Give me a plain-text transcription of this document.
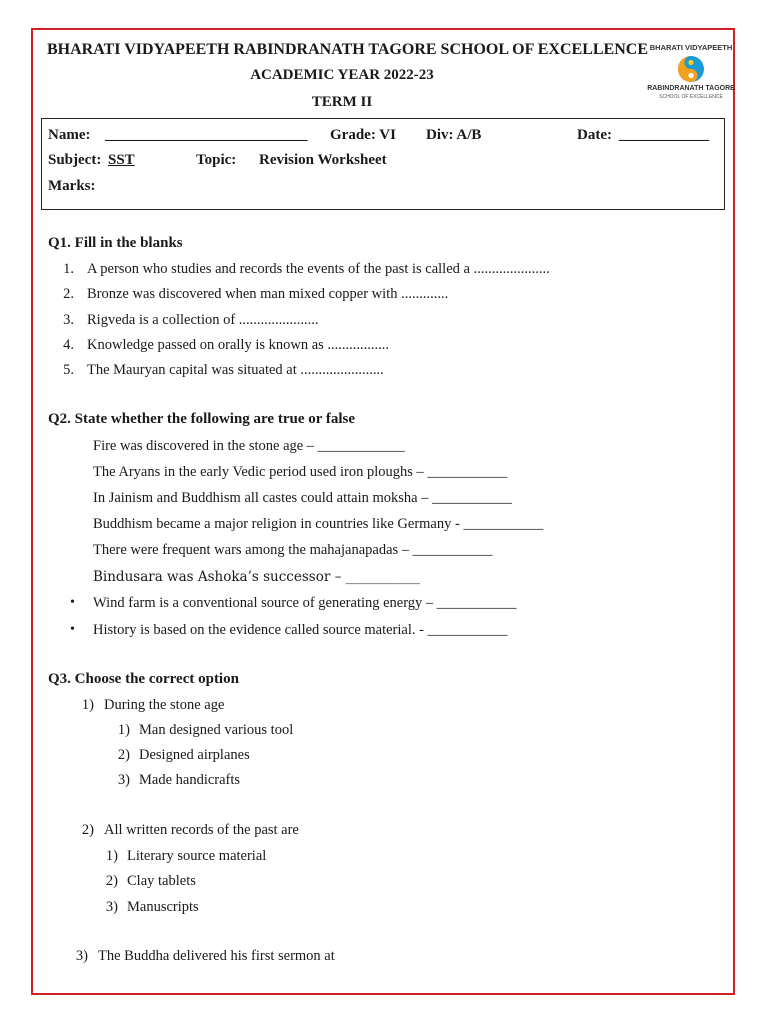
BHARATI VIDYAPEETH RABINDRANATH TAGORE SCHOOL OF EXCELLENCE
ACADEMIC YEAR 2022-23
TERM II
BHARATI VIDYAPEETH
RABINDRANATH TAGORE
SCHOOL OF EXCELLENCE
Name: ___________________________ Grade: VI Div: A/B	Date: ____________
Subject: SST	Topic: Revision Worksheet
Marks:
Q1. Fill in the blanks
1. A person who studies and records the events of the past is called a .....................
2. Bronze was discovered when man mixed copper with .............
3. Rigveda is a collection of ......................
4. Knowledge passed on orally is known as .................
5. The Mauryan capital was situated at .......................
Q2. State whether the following are true or false
Fire was discovered in the stone age – ____________
The Aryans in the early Vedic period used iron ploughs – ___________
In Jainism and Buddhism all castes could attain moksha – ___________
Buddhism became a major religion in countries like Germany - ___________
There were frequent wars among the mahajanapadas – ___________
Bindusara was Ashoka’s successor – ___________
• Wind farm is a conventional source of generating energy – ___________
• History is based on the evidence called source material. - ___________
Q3. Choose the correct option
1) During the stone age
1) Man designed various tool
2) Designed airplanes
3) Made handicrafts
2) All written records of the past are
1) Literary source material
2) Clay tablets
3) Manuscripts
3) The Buddha delivered his first sermon at
